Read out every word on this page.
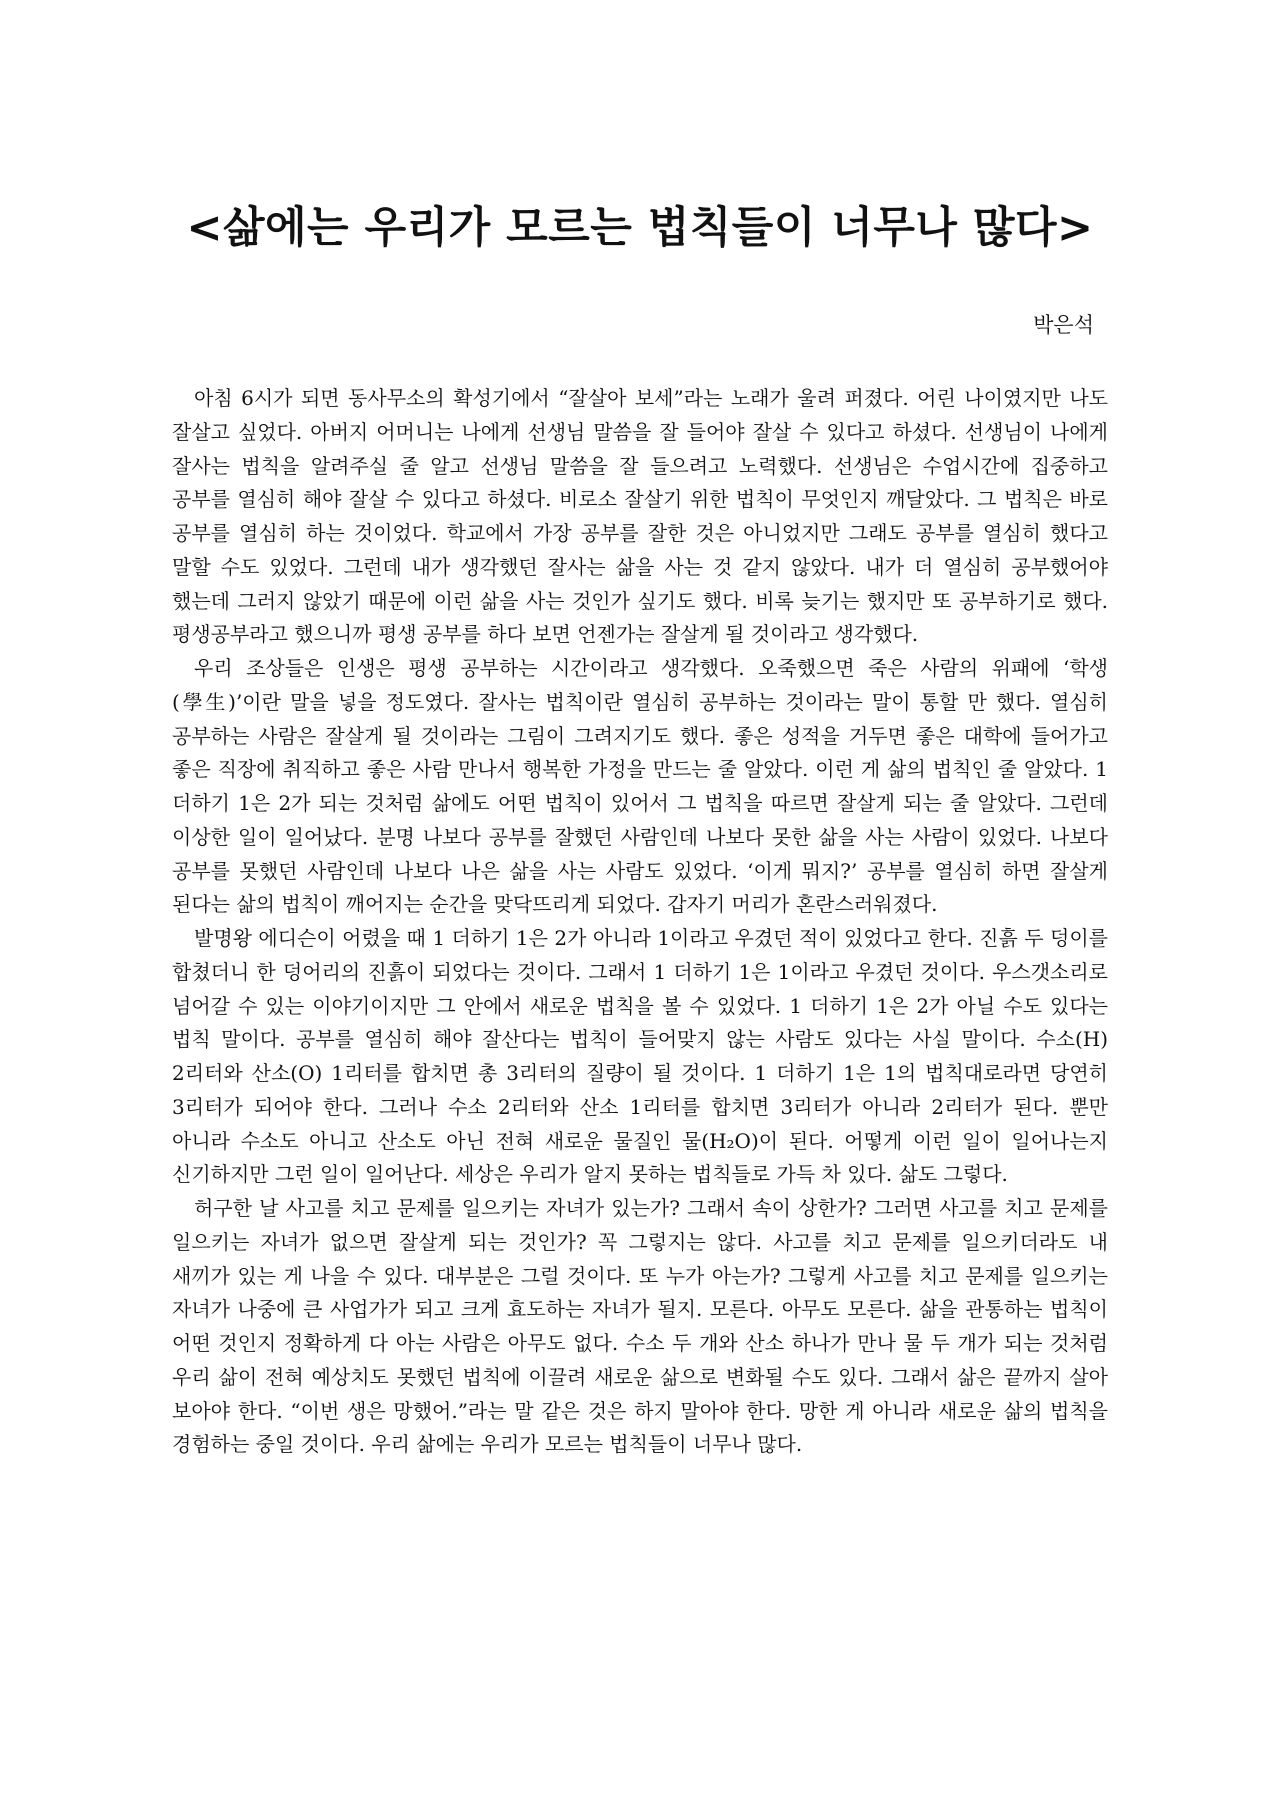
<삶에는 우리가 모르는 법칙들이 너무나 많다>

박은석

아침 6시가 되면 동사무소의 확성기에서 “잘살아 보세”라는 노래가 울려 퍼졌다. 어린 나이였지만 나도 잘살고 싶었다. 아버지 어머니는 나에게 선생님 말씀을 잘 들어야 잘살 수 있다고 하셨다. 선생님이 나에게 잘사는 법칙을 알려주실 줄 알고 선생님 말씀을 잘 들으려고 노력했다. 선생님은 수업시간에 집중하고 공부를 열심히 해야 잘살 수 있다고 하셨다. 비로소 잘살기 위한 법칙이 무엇인지 깨달았다. 그 법칙은 바로 공부를 열심히 하는 것이었다. 학교에서 가장 공부를 잘한 것은 아니었지만 그래도 공부를 열심히 했다고 말할 수도 있었다. 그런데 내가 생각했던 잘사는 삶을 사는 것 같지 않았다. 내가 더 열심히 공부했어야 했는데 그러지 않았기 때문에 이런 삶을 사는 것인가 싶기도 했다. 비록 늦기는 했지만 또 공부하기로 했다. 평생공부라고 했으니까 평생 공부를 하다 보면 언젠가는 잘살게 될 것이라고 생각했다.

우리 조상들은 인생은 평생 공부하는 시간이라고 생각했다. 오죽했으면 죽은 사람의 위패에 ‘학생(學生)’이란 말을 넣을 정도였다. 잘사는 법칙이란 열심히 공부하는 것이라는 말이 통할 만 했다. 열심히 공부하는 사람은 잘살게 될 것이라는 그림이 그려지기도 했다. 좋은 성적을 거두면 좋은 대학에 들어가고 좋은 직장에 취직하고 좋은 사람 만나서 행복한 가정을 만드는 줄 알았다. 이런 게 삶의 법칙인 줄 알았다. 1 더하기 1은 2가 되는 것처럼 삶에도 어떤 법칙이 있어서 그 법칙을 따르면 잘살게 되는 줄 알았다. 그런데 이상한 일이 일어났다. 분명 나보다 공부를 잘했던 사람인데 나보다 못한 삶을 사는 사람이 있었다. 나보다 공부를 못했던 사람인데 나보다 나은 삶을 사는 사람도 있었다. ‘이게 뭐지?’ 공부를 열심히 하면 잘살게 된다는 삶의 법칙이 깨어지는 순간을 맞닥뜨리게 되었다. 갑자기 머리가 혼란스러워졌다.

발명왕 에디슨이 어렸을 때 1 더하기 1은 2가 아니라 1이라고 우겼던 적이 있었다고 한다. 진흙 두 덩이를 합쳤더니 한 덩어리의 진흙이 되었다는 것이다. 그래서 1 더하기 1은 1이라고 우겼던 것이다. 우스갯소리로 넘어갈 수 있는 이야기이지만 그 안에서 새로운 법칙을 볼 수 있었다. 1 더하기 1은 2가 아닐 수도 있다는 법칙 말이다. 공부를 열심히 해야 잘산다는 법칙이 들어맞지 않는 사람도 있다는 사실 말이다. 수소(H) 2리터와 산소(O) 1리터를 합치면 총 3리터의 질량이 될 것이다. 1 더하기 1은 1의 법칙대로라면 당연히 3리터가 되어야 한다. 그러나 수소 2리터와 산소 1리터를 합치면 3리터가 아니라 2리터가 된다. 뿐만 아니라 수소도 아니고 산소도 아닌 전혀 새로운 물질인 물(H₂O)이 된다. 어떻게 이런 일이 일어나는지 신기하지만 그런 일이 일어난다. 세상은 우리가 알지 못하는 법칙들로 가득 차 있다. 삶도 그렇다.

허구한 날 사고를 치고 문제를 일으키는 자녀가 있는가? 그래서 속이 상한가? 그러면 사고를 치고 문제를 일으키는 자녀가 없으면 잘살게 되는 것인가? 꼭 그렇지는 않다. 사고를 치고 문제를 일으키더라도 내 새끼가 있는 게 나을 수 있다. 대부분은 그럴 것이다. 또 누가 아는가? 그렇게 사고를 치고 문제를 일으키는 자녀가 나중에 큰 사업가가 되고 크게 효도하는 자녀가 될지. 모른다. 아무도 모른다. 삶을 관통하는 법칙이 어떤 것인지 정확하게 다 아는 사람은 아무도 없다. 수소 두 개와 산소 하나가 만나 물 두 개가 되는 것처럼 우리 삶이 전혀 예상치도 못했던 법칙에 이끌려 새로운 삶으로 변화될 수도 있다. 그래서 삶은 끝까지 살아 보아야 한다. “이번 생은 망했어.”라는 말 같은 것은 하지 말아야 한다. 망한 게 아니라 새로운 삶의 법칙을 경험하는 중일 것이다. 우리 삶에는 우리가 모르는 법칙들이 너무나 많다.
